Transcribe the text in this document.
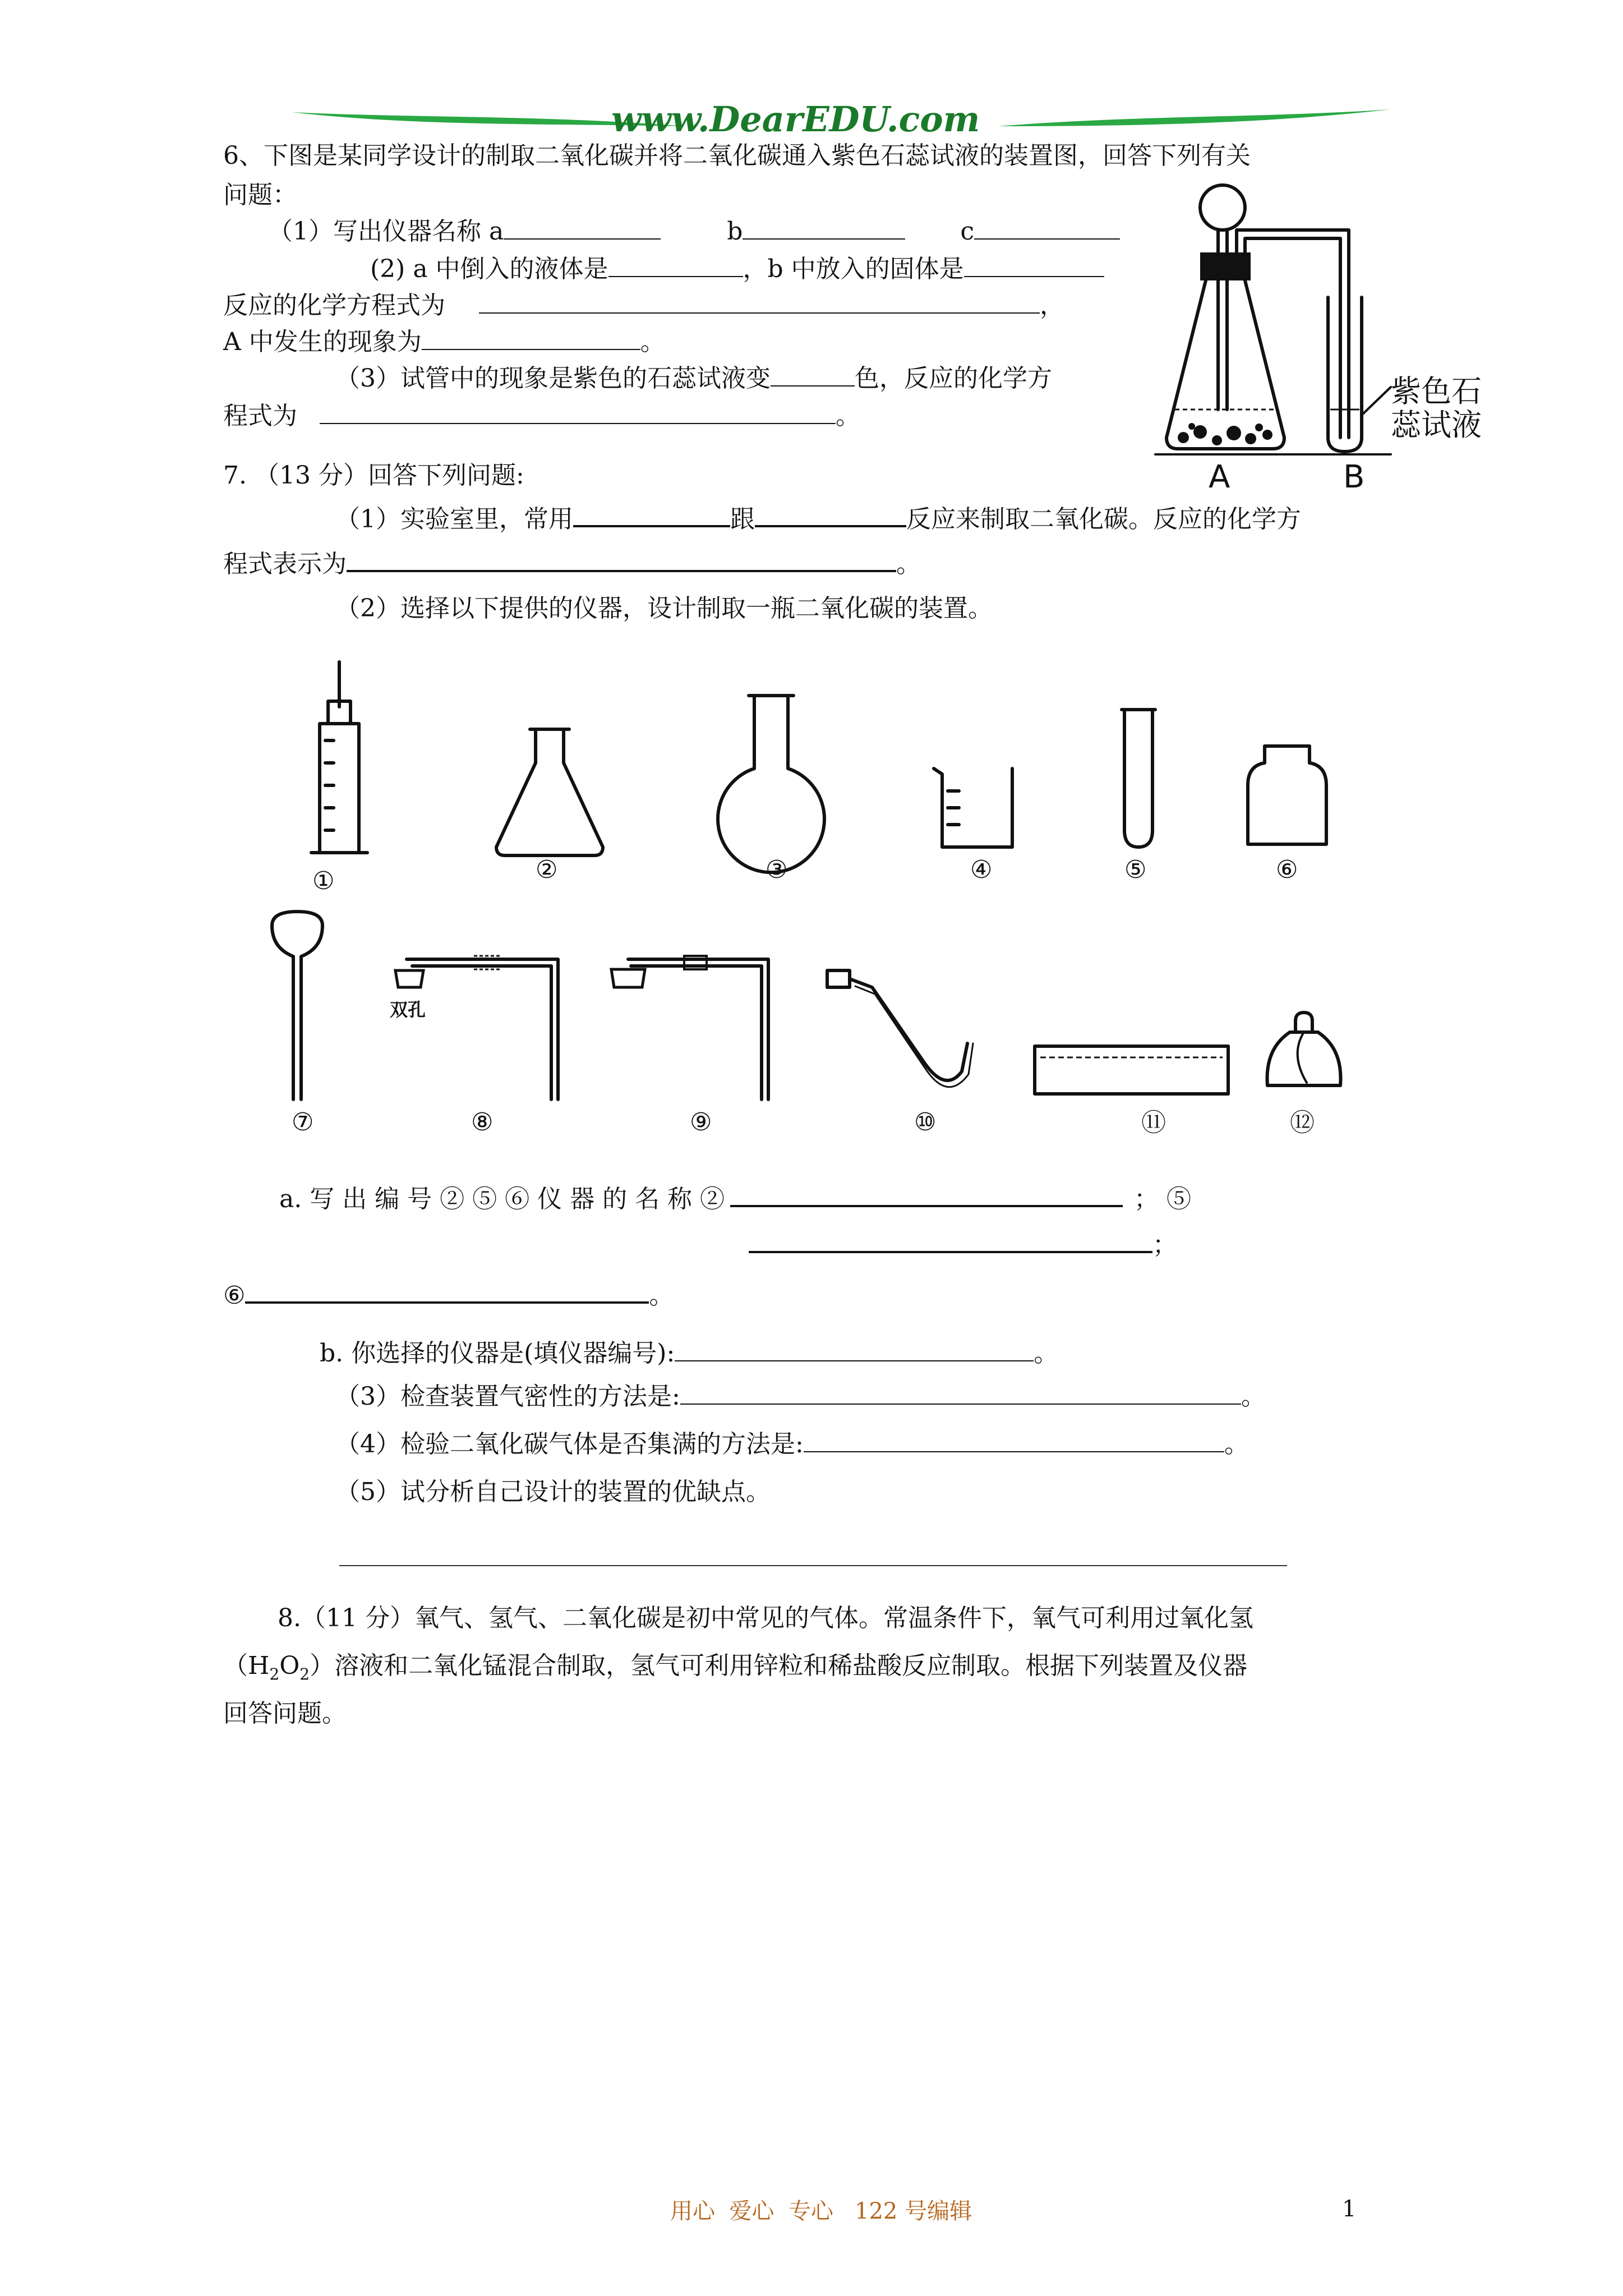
www.DearEDU.com
6、下图是某同学设计的制取二氧化碳并将二氧化碳通入紫色石蕊试液的装置图，回答下列有关
问题：
（1）写出仪器名称 a	b	c
(2) a 中倒入的液体是	，b 中放入的固体是
反应的化学方程式为	，
A 中发生的现象为	。
（3）试管中的现象是紫色的石蕊试液变	色，反应的化学方
程式为	。
紫色石
蕊试液
A	B
7. （13 分）回答下列问题:
（1）实验室里，常用	跟	反应来制取二氧化碳。反应的化学方
程式表示为	。
（2）选择以下提供的仪器，设计制取一瓶二氧化碳的装置。
①	②	③	④	⑤	⑥
双孔
⑦	⑧	⑨	⑩	⑪	⑫
a. 写 出 编 号 ② ⑤ ⑥ 仪 器 的 名 称 ②	； ⑤
；
⑥	。
b. 你选择的仪器是(填仪器编号):	。
（3）检查装置气密性的方法是:	。
（4）检验二氧化碳气体是否集满的方法是:	。
（5）试分析自己设计的装置的优缺点。
8.（11 分）氧气、氢气、二氧化碳是初中常见的气体。常温条件下，氧气可利用过氧化氢
$(H_2O_2)$溶液和二氧化锰混合制取，氢气可利用锌粒和稀盐酸反应制取。根据下列装置及仪器
回答问题。
用心  爱心  专心   122 号编辑	1
